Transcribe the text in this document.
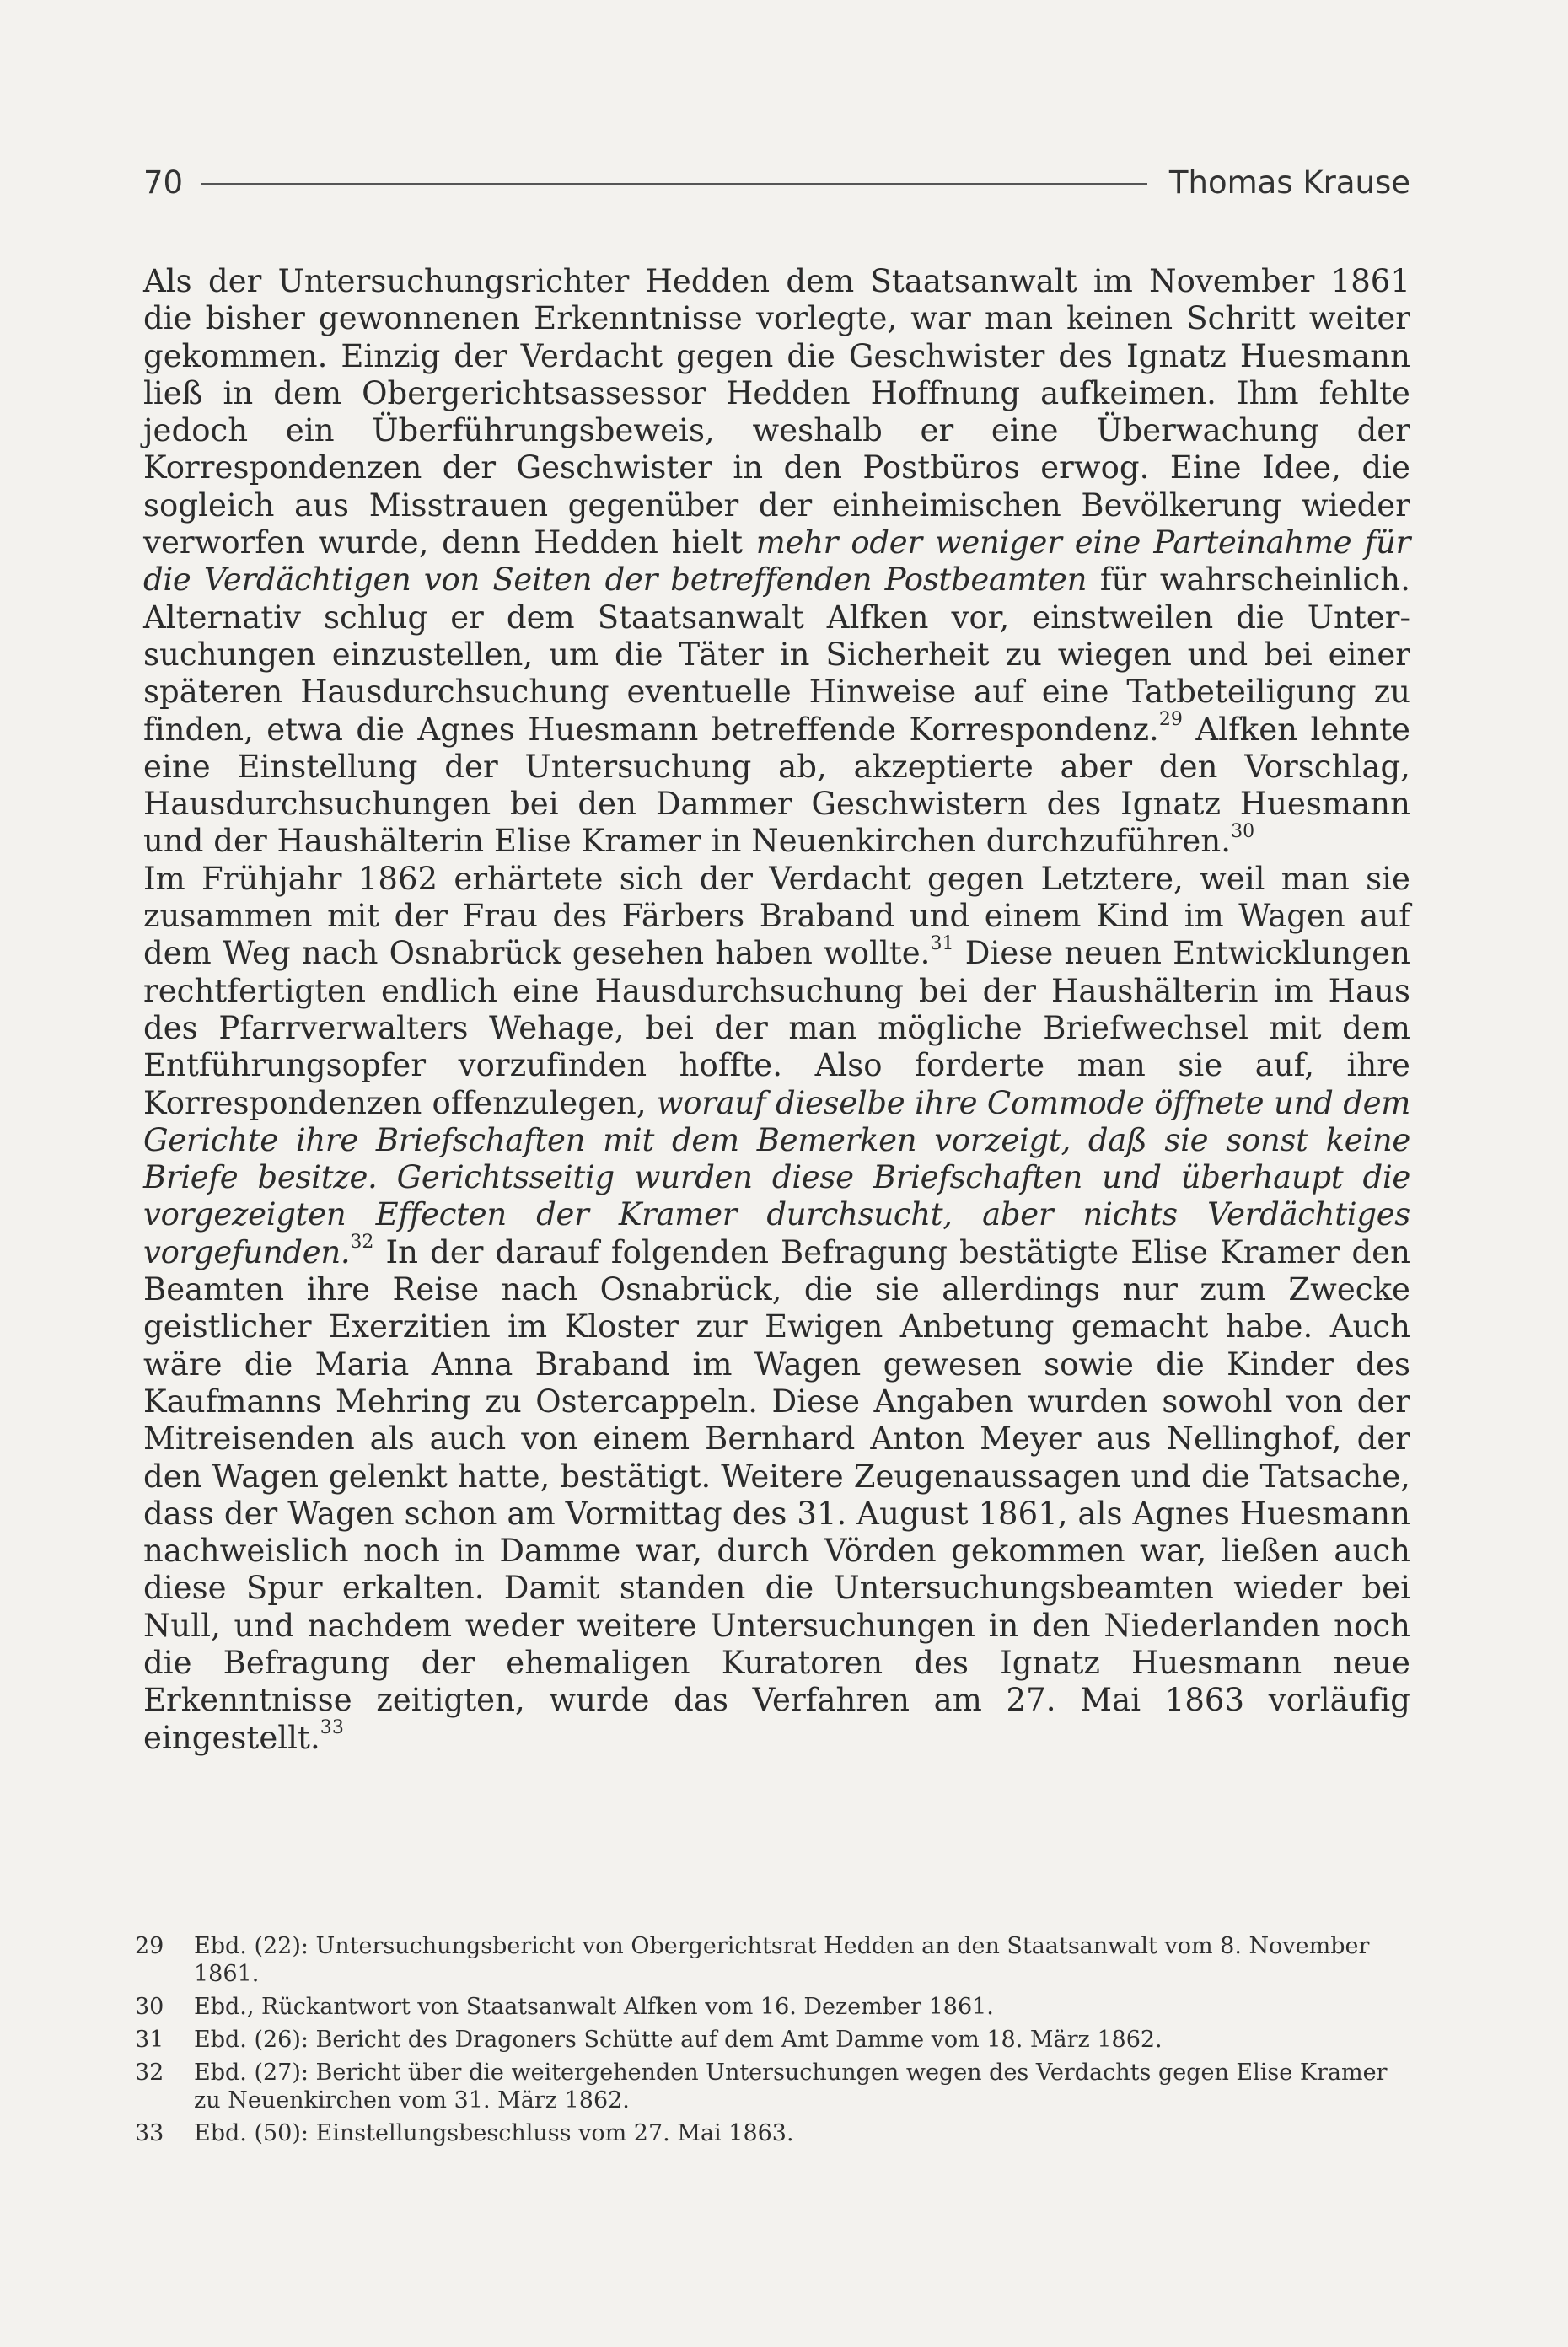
70	Thomas Krause

Als der Untersuchungsrichter Hedden dem Staatsanwalt im November 1861 die bisher gewonnenen Erkenntnisse vorlegte, war man keinen Schritt weiter gekommen. Einzig der Verdacht gegen die Geschwister des Ignatz Huesmann ließ in dem Obergerichtsassessor Hedden Hoffnung aufkeimen. Ihm fehlte jedoch ein Überführungsbeweis, weshalb er eine Überwachung der Korrespondenzen der Geschwister in den Postbüros erwog. Eine Idee, die sogleich aus Misstrauen gegenüber der einheimischen Bevölkerung wieder verworfen wurde, denn Hedden hielt mehr oder weniger eine Parteinahme für die Verdächtigen von Seiten der betreffenden Postbeamten für wahrscheinlich. Alternativ schlug er dem Staatsanwalt Alfken vor, einstweilen die Untersuchungen einzustellen, um die Täter in Sicherheit zu wiegen und bei einer späteren Hausdurchsuchung eventuelle Hinweise auf eine Tatbeteiligung zu finden, etwa die Agnes Huesmann betreffende Korrespondenz.$^{29}$ Alfken lehnte eine Einstellung der Untersuchung ab, akzeptierte aber den Vorschlag, Hausdurchsuchungen bei den Dammer Geschwistern des Ignatz Huesmann und der Haushälterin Elise Kramer in Neuenkirchen durchzuführen.$^{30}$

Im Frühjahr 1862 erhärtete sich der Verdacht gegen Letztere, weil man sie zusammen mit der Frau des Färbers Braband und einem Kind im Wagen auf dem Weg nach Osnabrück gesehen haben wollte.$^{31}$ Diese neuen Entwicklungen rechtfertigten endlich eine Hausdurchsuchung bei der Haushälterin im Haus des Pfarrverwalters Wehage, bei der man mögliche Briefwechsel mit dem Entführungsopfer vorzufinden hoffte. Also forderte man sie auf, ihre Korrespondenzen offenzulegen, worauf dieselbe ihre Commode öffnete und dem Gerichte ihre Briefschaften mit dem Bemerken vorzeigt, daß sie sonst keine Briefe besitze. Gerichtsseitig wurden diese Briefschaften und überhaupt die vorgezeigten Effecten der Kramer durchsucht, aber nichts Verdächtiges vorgefunden.$^{32}$ In der darauf folgenden Befragung bestätigte Elise Kramer den Beamten ihre Reise nach Osnabrück, die sie allerdings nur zum Zwecke geistlicher Exerzitien im Kloster zur Ewigen Anbetung gemacht habe. Auch wäre die Maria Anna Braband im Wagen gewesen sowie die Kinder des Kaufmanns Mehring zu Ostercappeln. Diese Angaben wurden sowohl von der Mitreisenden als auch von einem Bernhard Anton Meyer aus Nellinghof, der den Wagen gelenkt hatte, bestätigt. Weitere Zeugenaussagen und die Tatsache, dass der Wagen schon am Vormittag des 31. August 1861, als Agnes Huesmann nachweislich noch in Damme war, durch Vörden gekommen war, ließen auch diese Spur erkalten. Damit standen die Untersuchungsbeamten wieder bei Null, und nachdem weder weitere Untersuchungen in den Niederlanden noch die Befragung der ehemaligen Kuratoren des Ignatz Huesmann neue Erkenntnisse zeitigten, wurde das Verfahren am 27. Mai 1863 vorläufig eingestellt.$^{33}$

29	Ebd. (22): Untersuchungsbericht von Obergerichtsrat Hedden an den Staatsanwalt vom 8. November 1861.
30	Ebd., Rückantwort von Staatsanwalt Alfken vom 16. Dezember 1861.
31	Ebd. (26): Bericht des Dragoners Schütte auf dem Amt Damme vom 18. März 1862.
32	Ebd. (27): Bericht über die weitergehenden Untersuchungen wegen des Verdachts gegen Elise Kramer zu Neuenkirchen vom 31. März 1862.
33	Ebd. (50): Einstellungsbeschluss vom 27. Mai 1863.
